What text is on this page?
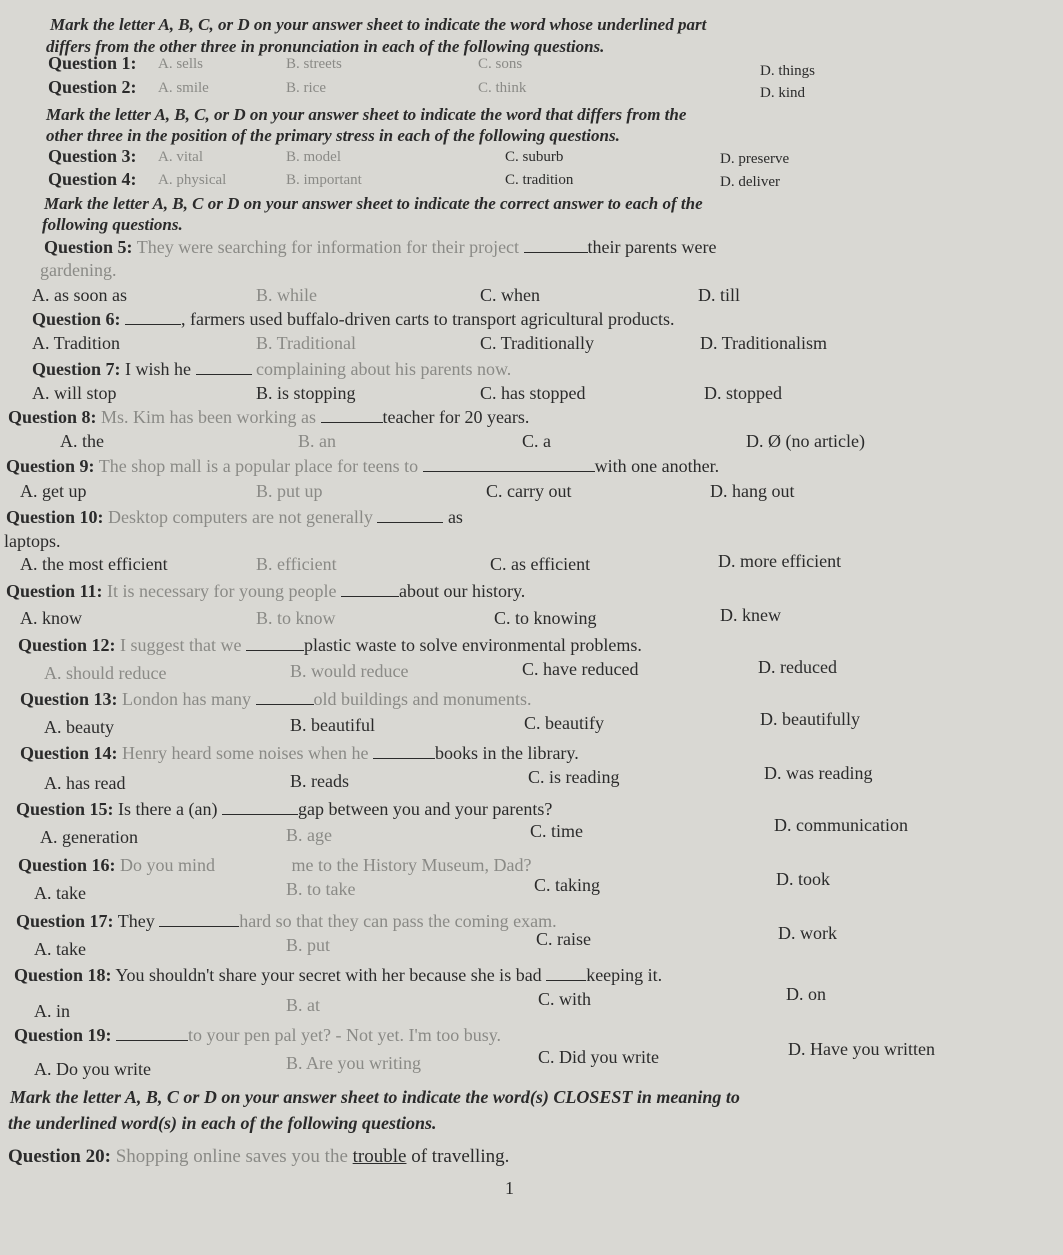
Mark the letter A, B, C, or D on your answer sheet to indicate the word whose underlined part
differs from the other three in pronunciation in each of the following questions.
Question 1: A. sells	B. streets	C. sons	D. things
Question 2: A. smile	B. rice	C. think	D. kind
Mark the letter A, B, C, or D on your answer sheet to indicate the word that differs from the
other three in the position of the primary stress in each of the following questions.
Question 3: A. vital	B. model	C. suburb	D. preserve
Question 4: A. physical	B. important	C. tradition	D. deliver
Mark the letter A, B, C or D on your answer sheet to indicate the correct answer to each of the
following questions.
Question 5: They were searching for information for their project	their parents were
gardening.
A. as soon as	B. while	C. when	D. till
Question 6:	, farmers used buffalo-driven carts to transport agricultural products.
A. Tradition	B. Traditional	C. Traditionally	D. Traditionalism
Question 7: I wish he	complaining about his parents now.
A. will stop	B. is stopping	C. has stopped	D. stopped
Question 8: Ms. Kim has been working as	teacher for 20 years.
A. the	B. an	C. a	D. Ø (no article)
Question 9: The shop mall is a popular place for teens to	with one another.
A. get up	B. put up	C. carry out	D. hang out
Question 10: Desktop computers are not generally	as
laptops.
A. the most efficient	B. efficient	C. as efficient	D. more efficient
Question 11: It is necessary for young people	about our history.
A. know	B. to know	C. to knowing	D. knew
Question 12: I suggest that we	plastic waste to solve environmental problems.
A. should reduce	B. would reduce	C. have reduced	D. reduced
Question 13: London has many	old buildings and monuments.
A. beauty	B. beautiful	C. beautify	D. beautifully
Question 14: Henry heard some noises when he	books in the library.
A. has read	B. reads	C. is reading	D. was reading
Question 15: Is there a (an)	gap between you and your parents?
A. generation	B. age	C. time	D. communication
Question 16: Do you mind	me to the History Museum, Dad?
A. take	B. to take	C. taking	D. took
Question 17: They	hard so that they can pass the coming exam.
A. take	B. put	C. raise	D. work
Question 18: You shouldn't share your secret with her because she is bad keeping it.
A. in	B. at	C. with	D. on
Question 19:	to your pen pal yet? - Not yet. I'm too busy.
A. Do you write	B. Are you writing	C. Did you write	D. Have you written
Mark the letter A, B, C or D on your answer sheet to indicate the word(s) CLOSEST in meaning to
the underlined word(s) in each of the following questions.
Question 20: Shopping online saves you the trouble of travelling.
1
